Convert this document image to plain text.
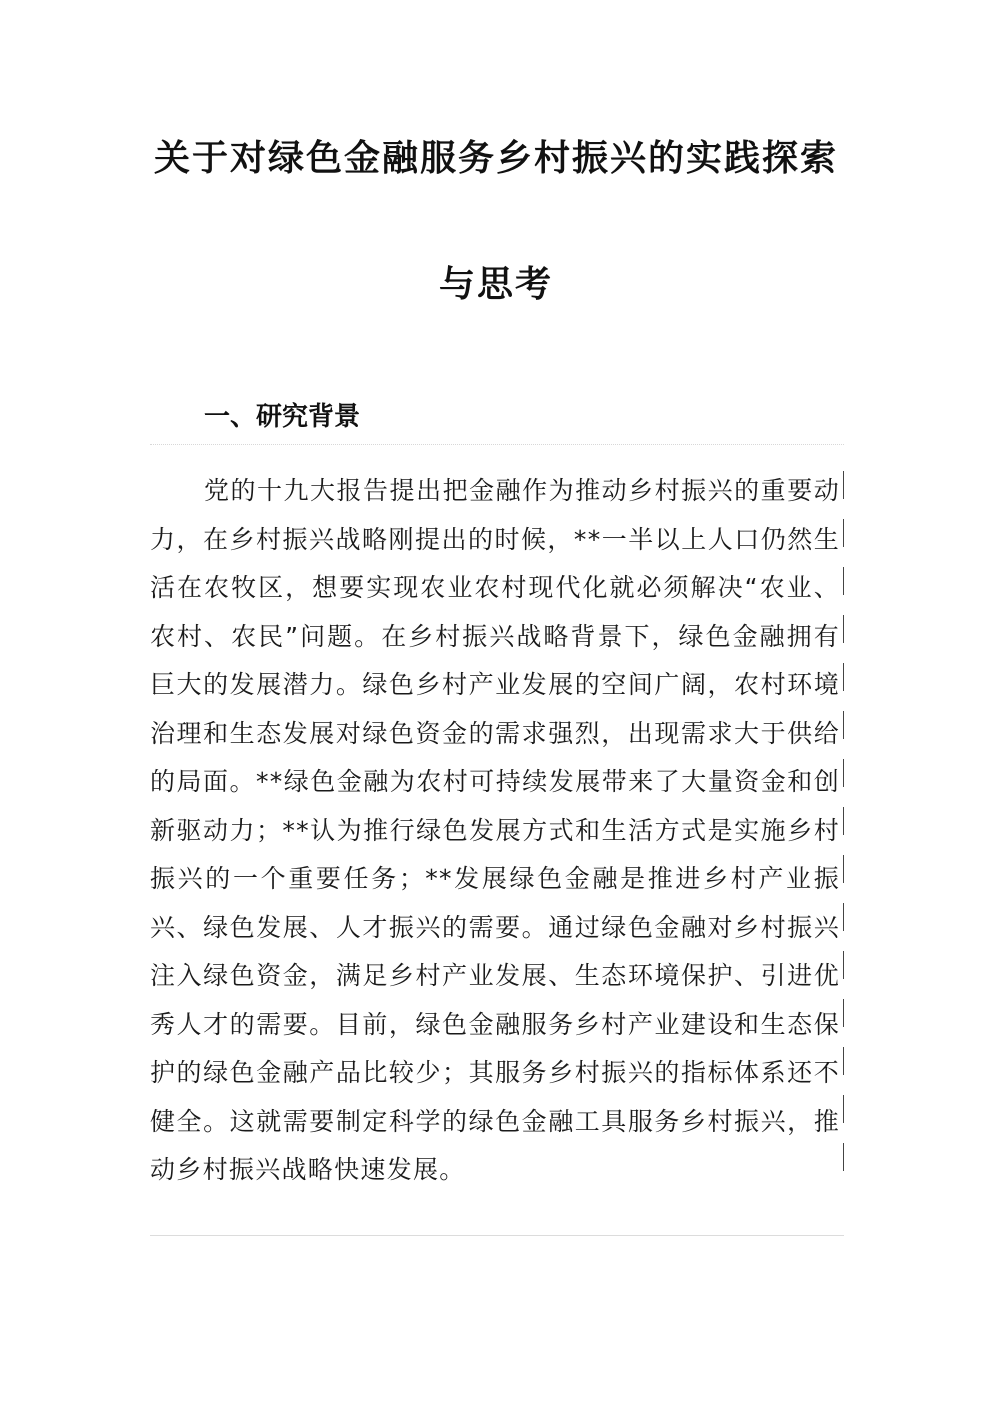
关于对绿色金融服务乡村振兴的实践探索
与思考
一、研究背景

党的十九大报告提出把金融作为推动乡村振兴的重要动力，在乡村振兴战略刚提出的时候，**一半以上人口仍然生活在农牧区，想要实现农业农村现代化就必须解决“农业、农村、农民”问题。在乡村振兴战略背景下，绿色金融拥有巨大的发展潜力。绿色乡村产业发展的空间广阔，农村环境治理和生态发展对绿色资金的需求强烈，出现需求大于供给的局面。**绿色金融为农村可持续发展带来了大量资金和创新驱动力；**认为推行绿色发展方式和生活方式是实施乡村振兴的一个重要任务；**发展绿色金融是推进乡村产业振兴、绿色发展、人才振兴的需要。通过绿色金融对乡村振兴注入绿色资金，满足乡村产业发展、生态环境保护、引进优秀人才的需要。目前，绿色金融服务乡村产业建设和生态保护的绿色金融产品比较少；其服务乡村振兴的指标体系还不健全。这就需要制定科学的绿色金融工具服务乡村振兴，推动乡村振兴战略快速发展。
